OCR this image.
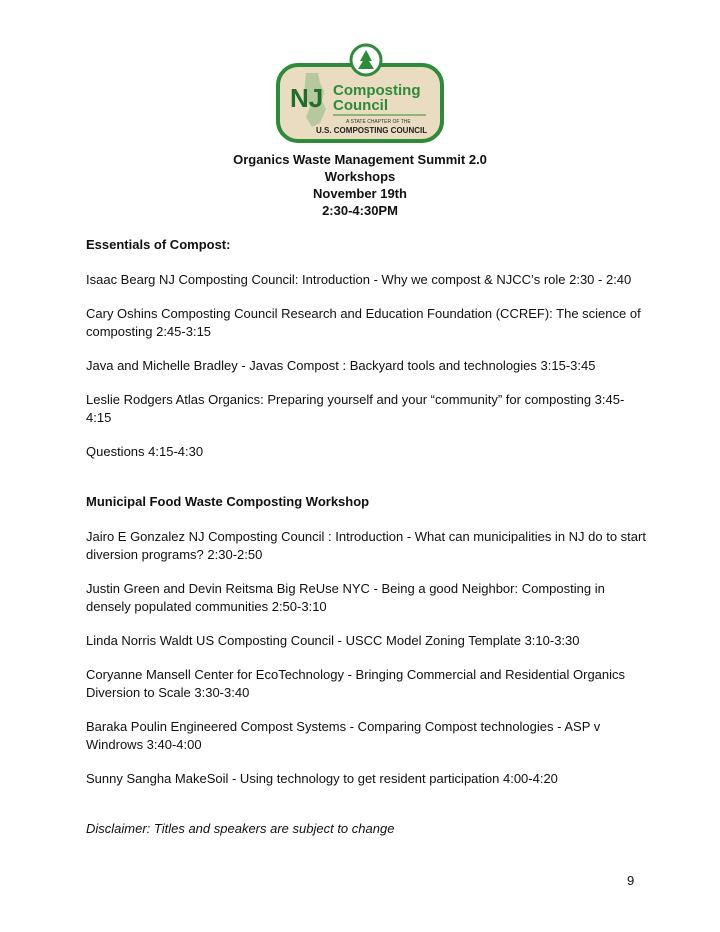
NJ Composting
Council
A STATE CHAPTER OF THE
U.S. COMPOSTING COUNCIL
Organics Waste Management Summit 2.0
Workshops
November 19th
2:30-4:30PM
Essentials of Compost:
Isaac Bearg NJ Composting Council: Introduction - Why we compost & NJCC’s role 2:30 - 2:40
Cary Oshins Composting Council Research and Education Foundation (CCREF): The science of composting 2:45-3:15
Java and Michelle Bradley - Javas Compost : Backyard tools and technologies 3:15-3:45
Leslie Rodgers Atlas Organics: Preparing yourself and your “community” for composting 3:45-4:15
Questions 4:15-4:30
Municipal Food Waste Composting Workshop
Jairo E Gonzalez NJ Composting Council : Introduction - What can municipalities in NJ do to start diversion programs? 2:30-2:50
Justin Green and Devin Reitsma Big ReUse NYC - Being a good Neighbor: Composting in densely populated communities 2:50-3:10
Linda Norris Waldt US Composting Council - USCC Model Zoning Template 3:10-3:30
Coryanne Mansell Center for EcoTechnology - Bringing Commercial and Residential Organics Diversion to Scale 3:30-3:40
Baraka Poulin Engineered Compost Systems - Comparing Compost technologies - ASP v Windrows 3:40-4:00
Sunny Sangha MakeSoil - Using technology to get resident participation 4:00-4:20
Disclaimer: Titles and speakers are subject to change
9
